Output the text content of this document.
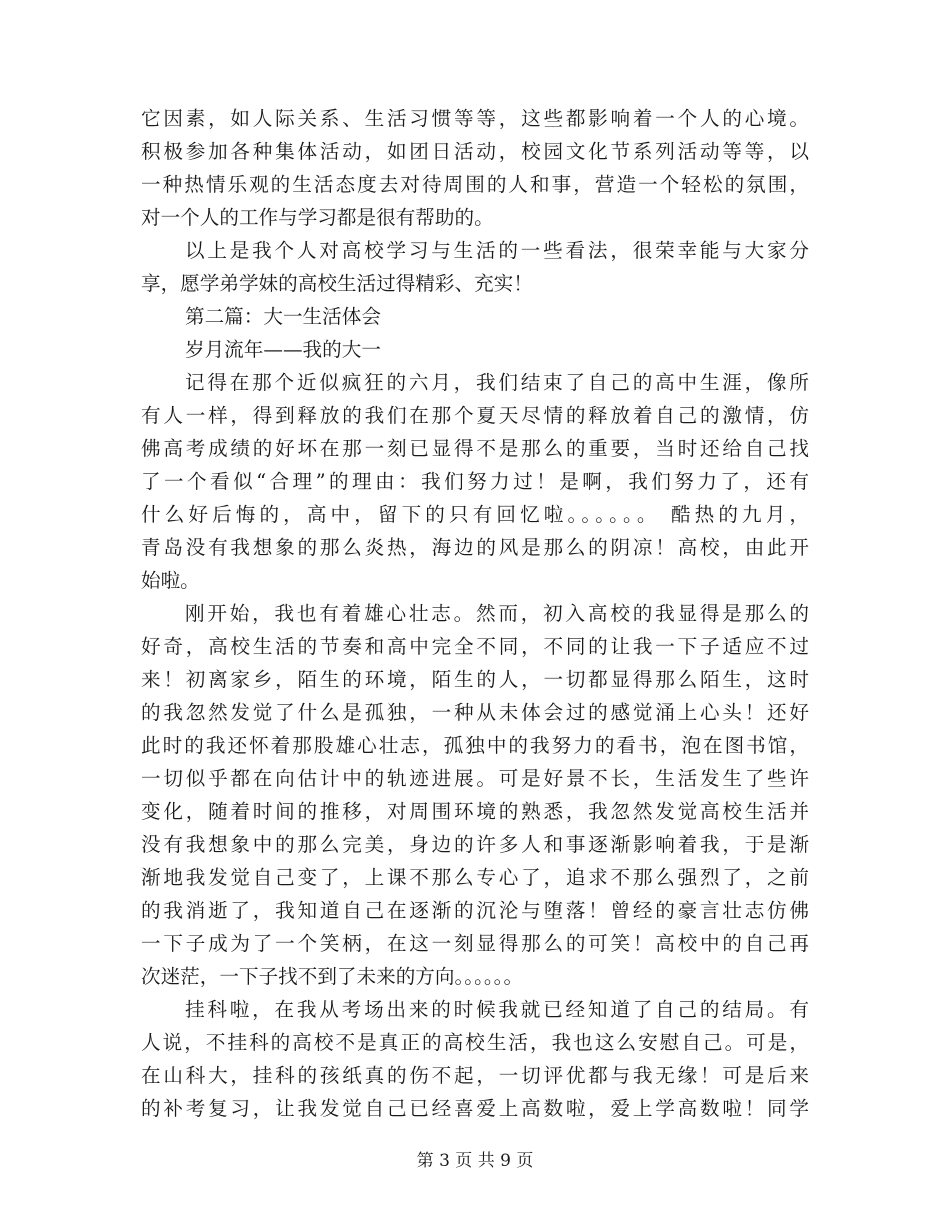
它因素，如人际关系、生活习惯等等，这些都影响着一个人的心境。
积极参加各种集体活动，如团日活动，校园文化节系列活动等等，以
一种热情乐观的生活态度去对待周围的人和事，营造一个轻松的氛围，
对一个人的工作与学习都是很有帮助的。
以上是我个人对高校学习与生活的一些看法，很荣幸能与大家分
享，愿学弟学妹的高校生活过得精彩、充实！
第二篇：大一生活体会
岁月流年——我的大一
记得在那个近似疯狂的六月，我们结束了自己的高中生涯，像所
有人一样，得到释放的我们在那个夏天尽情的释放着自己的激情，仿
佛高考成绩的好坏在那一刻已显得不是那么的重要，当时还给自己找
了一个看似“合理”的理由：我们努力过！是啊，我们努力了，还有
什么好后悔的，高中，留下的只有回忆啦。。。。。。 酷热的九月，
青岛没有我想象的那么炎热，海边的风是那么的阴凉！高校，由此开
始啦。
刚开始，我也有着雄心壮志。然而，初入高校的我显得是那么的
好奇，高校生活的节奏和高中完全不同，不同的让我一下子适应不过
来！初离家乡，陌生的环境，陌生的人，一切都显得那么陌生，这时
的我忽然发觉了什么是孤独，一种从未体会过的感觉涌上心头！还好
此时的我还怀着那股雄心壮志，孤独中的我努力的看书，泡在图书馆，
一切似乎都在向估计中的轨迹进展。可是好景不长，生活发生了些许
变化，随着时间的推移，对周围环境的熟悉，我忽然发觉高校生活并
没有我想象中的那么完美，身边的许多人和事逐渐影响着我，于是渐
渐地我发觉自己变了，上课不那么专心了，追求不那么强烈了，之前
的我消逝了，我知道自己在逐渐的沉沦与堕落！曾经的豪言壮志仿佛
一下子成为了一个笑柄，在这一刻显得那么的可笑！高校中的自己再
次迷茫，一下子找不到了未来的方向。。。。。。
挂科啦，在我从考场出来的时候我就已经知道了自己的结局。有
人说，不挂科的高校不是真正的高校生活，我也这么安慰自己。可是，
在山科大，挂科的孩纸真的伤不起，一切评优都与我无缘！可是后来
的补考复习，让我发觉自己已经喜爱上高数啦，爱上学高数啦！同学
第 3 页 共 9 页
